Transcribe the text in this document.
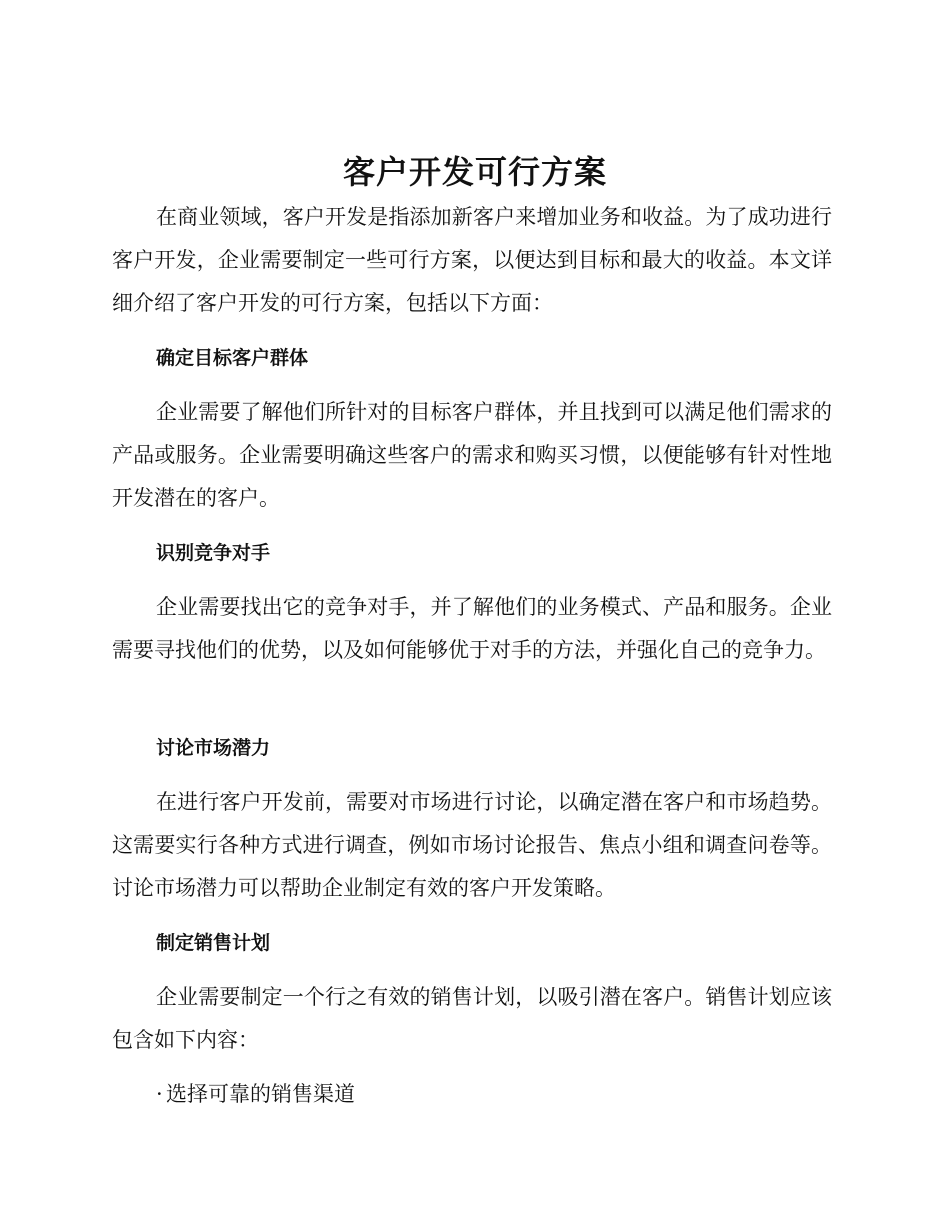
客户开发可行方案

在商业领域，客户开发是指添加新客户来增加业务和收益。为了成功进行客户开发，企业需要制定一些可行方案，以便达到目标和最大的收益。本文详细介绍了客户开发的可行方案，包括以下方面：

确定目标客户群体

企业需要了解他们所针对的目标客户群体，并且找到可以满足他们需求的产品或服务。企业需要明确这些客户的需求和购买习惯，以便能够有针对性地开发潜在的客户。

识别竞争对手

企业需要找出它的竞争对手，并了解他们的业务模式、产品和服务。企业需要寻找他们的优势，以及如何能够优于对手的方法，并强化自己的竞争力。

讨论市场潜力

在进行客户开发前，需要对市场进行讨论，以确定潜在客户和市场趋势。这需要实行各种方式进行调查，例如市场讨论报告、焦点小组和调查问卷等。讨论市场潜力可以帮助企业制定有效的客户开发策略。

制定销售计划

企业需要制定一个行之有效的销售计划，以吸引潜在客户。销售计划应该包含如下内容：

· 选择可靠的销售渠道
